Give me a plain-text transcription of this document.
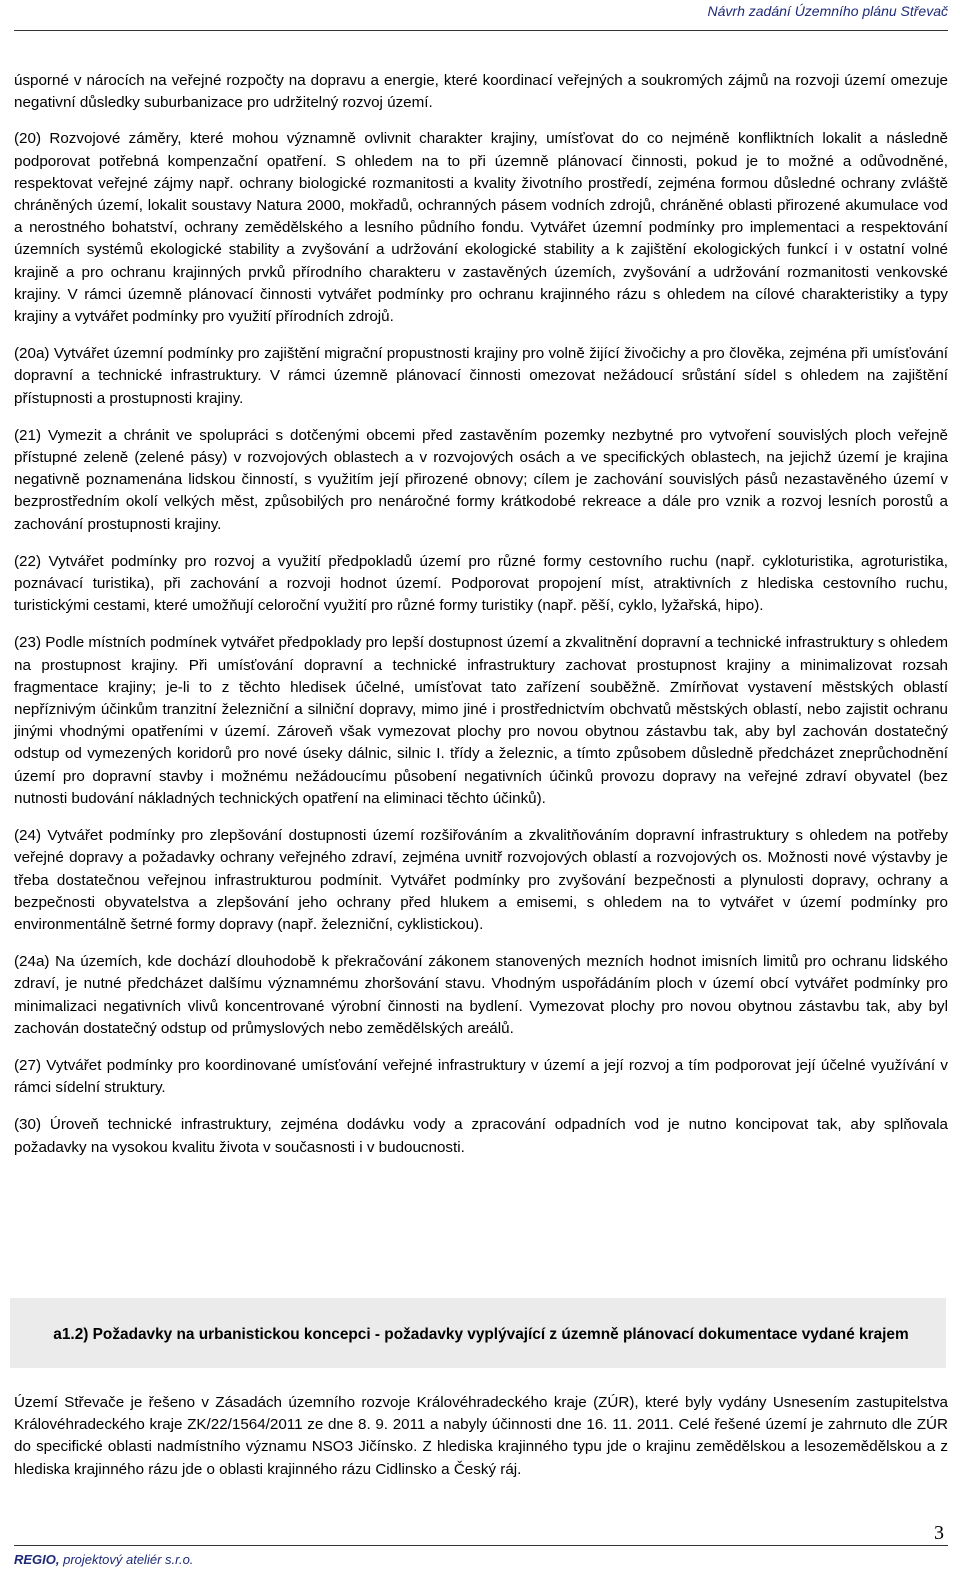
Návrh zadání Územního plánu Střevač

úsporné v nárocích na veřejné rozpočty na dopravu a energie, které koordinací veřejných a soukromých zájmů na rozvoji území omezuje negativní důsledky suburbanizace pro udržitelný rozvoj území.

(20) Rozvojové záměry, které mohou významně ovlivnit charakter krajiny, umísťovat do co nejméně konfliktních lokalit a následně podporovat potřebná kompenzační opatření. S ohledem na to při územně plánovací činnosti, pokud je to možné a odůvodněné, respektovat veřejné zájmy např. ochrany biologické rozmanitosti a kvality životního prostředí, zejména formou důsledné ochrany zvláště chráněných území, lokalit soustavy Natura 2000, mokřadů, ochranných pásem vodních zdrojů, chráněné oblasti přirozené akumulace vod a nerostného bohatství, ochrany zemědělského a lesního půdního fondu. Vytvářet územní podmínky pro implementaci a respektování územních systémů ekologické stability a zvyšování a udržování ekologické stability a k zajištění ekologických funkcí i v ostatní volné krajině a pro ochranu krajinných prvků přírodního charakteru v zastavěných územích, zvyšování a udržování rozmanitosti venkovské krajiny. V rámci územně plánovací činnosti vytvářet podmínky pro ochranu krajinného rázu s ohledem na cílové charakteristiky a typy krajiny a vytvářet podmínky pro využití přírodních zdrojů.

(20a) Vytvářet územní podmínky pro zajištění migrační propustnosti krajiny pro volně žijící živočichy a pro člověka, zejména při umísťování dopravní a technické infrastruktury. V rámci územně plánovací činnosti omezovat nežádoucí srůstání sídel s ohledem na zajištění přístupnosti a prostupnosti krajiny.

(21) Vymezit a chránit ve spolupráci s dotčenými obcemi před zastavěním pozemky nezbytné pro vytvoření souvislých ploch veřejně přístupné zeleně (zelené pásy) v rozvojových oblastech a v rozvojových osách a ve specifických oblastech, na jejichž území je krajina negativně poznamenána lidskou činností, s využitím její přirozené obnovy; cílem je zachování souvislých pásů nezastavěného území v bezprostředním okolí velkých měst, způsobilých pro nenáročné formy krátkodobé rekreace a dále pro vznik a rozvoj lesních porostů a zachování prostupnosti krajiny.

(22) Vytvářet podmínky pro rozvoj a využití předpokladů území pro různé formy cestovního ruchu (např. cykloturistika, agroturistika, poznávací turistika), při zachování a rozvoji hodnot území. Podporovat propojení míst, atraktivních z hlediska cestovního ruchu, turistickými cestami, které umožňují celoroční využití pro různé formy turistiky (např. pěší, cyklo, lyžařská, hipo).

(23) Podle místních podmínek vytvářet předpoklady pro lepší dostupnost území a zkvalitnění dopravní a technické infrastruktury s ohledem na prostupnost krajiny. Při umísťování dopravní a technické infrastruktury zachovat prostupnost krajiny a minimalizovat rozsah fragmentace krajiny; je-li to z těchto hledisek účelné, umísťovat tato zařízení souběžně. Zmírňovat vystavení městských oblastí nepříznivým účinkům tranzitní železniční a silniční dopravy, mimo jiné i prostřednictvím obchvatů městských oblastí, nebo zajistit ochranu jinými vhodnými opatřeními v území. Zároveň však vymezovat plochy pro novou obytnou zástavbu tak, aby byl zachován dostatečný odstup od vymezených koridorů pro nové úseky dálnic, silnic I. třídy a železnic, a tímto způsobem důsledně předcházet zneprůchodnění území pro dopravní stavby i možnému nežádoucímu působení negativních účinků provozu dopravy na veřejné zdraví obyvatel (bez nutnosti budování nákladných technických opatření na eliminaci těchto účinků).

(24) Vytvářet podmínky pro zlepšování dostupnosti území rozšiřováním a zkvalitňováním dopravní infrastruktury s ohledem na potřeby veřejné dopravy a požadavky ochrany veřejného zdraví, zejména uvnitř rozvojových oblastí a rozvojových os. Možnosti nové výstavby je třeba dostatečnou veřejnou infrastrukturou podmínit. Vytvářet podmínky pro zvyšování bezpečnosti a plynulosti dopravy, ochrany a bezpečnosti obyvatelstva a zlepšování jeho ochrany před hlukem a emisemi, s ohledem na to vytvářet v území podmínky pro environmentálně šetrné formy dopravy (např. železniční, cyklistickou).

(24a) Na územích, kde dochází dlouhodobě k překračování zákonem stanovených mezních hodnot imisních limitů pro ochranu lidského zdraví, je nutné předcházet dalšímu významnému zhoršování stavu. Vhodným uspořádáním ploch v území obcí vytvářet podmínky pro minimalizaci negativních vlivů koncentrované výrobní činnosti na bydlení. Vymezovat plochy pro novou obytnou zástavbu tak, aby byl zachován dostatečný odstup od průmyslových nebo zemědělských areálů.

(27) Vytvářet podmínky pro koordinované umísťování veřejné infrastruktury v území a její rozvoj a tím podporovat její účelné využívání v rámci sídelní struktury.

(30) Úroveň technické infrastruktury, zejména dodávku vody a zpracování odpadních vod je nutno koncipovat tak, aby splňovala požadavky na vysokou kvalitu života v současnosti i v budoucnosti.

a1.2) Požadavky na urbanistickou koncepci - požadavky vyplývající z územně plánovací dokumentace vydané krajem

Území Střevače je řešeno v Zásadách územního rozvoje Královéhradeckého kraje (ZÚR), které byly vydány Usnesením zastupitelstva Královéhradeckého kraje ZK/22/1564/2011 ze dne 8. 9. 2011 a nabyly účinnosti dne 16. 11. 2011. Celé řešené území je zahrnuto dle ZÚR do specifické oblasti nadmístního významu NSO3 Jičínsko. Z hlediska krajinného typu jde o krajinu zemědělskou a lesozemědělskou a z hlediska krajinného rázu jde o oblasti krajinného rázu Cidlinsko a Český ráj.

3
REGIO, projektový ateliér s.r.o.
